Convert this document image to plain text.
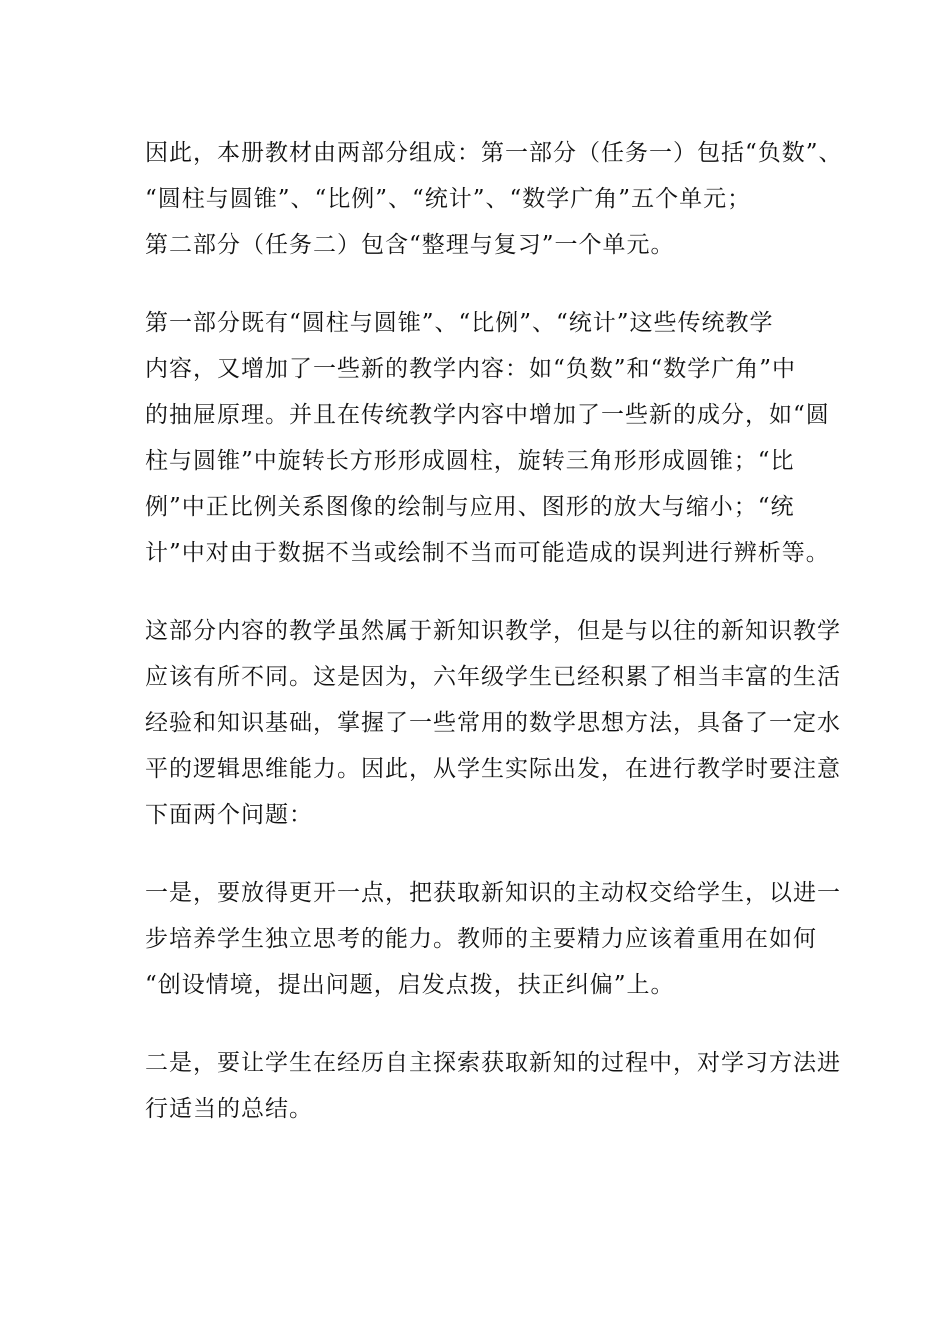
因此，本册教材由两部分组成：第一部分（任务一）包括“负数”、
“圆柱与圆锥”、“比例”、“统计”、“数学广角”五个单元；
第二部分（任务二）包含“整理与复习”一个单元。

第一部分既有“圆柱与圆锥”、“比例”、“统计”这些传统教学
内容，又增加了一些新的教学内容：如“负数”和“数学广角”中
的抽屉原理。并且在传统教学内容中增加了一些新的成分，如“圆
柱与圆锥”中旋转长方形形成圆柱，旋转三角形形成圆锥；“比
例”中正比例关系图像的绘制与应用、图形的放大与缩小；“统
计”中对由于数据不当或绘制不当而可能造成的误判进行辨析等。

这部分内容的教学虽然属于新知识教学，但是与以往的新知识教学
应该有所不同。这是因为，六年级学生已经积累了相当丰富的生活
经验和知识基础，掌握了一些常用的数学思想方法，具备了一定水
平的逻辑思维能力。因此，从学生实际出发，在进行教学时要注意
下面两个问题：

一是，要放得更开一点，把获取新知识的主动权交给学生，以进一
步培养学生独立思考的能力。教师的主要精力应该着重用在如何
“创设情境，提出问题，启发点拨，扶正纠偏”上。

二是，要让学生在经历自主探索获取新知的过程中，对学习方法进
行适当的总结。
